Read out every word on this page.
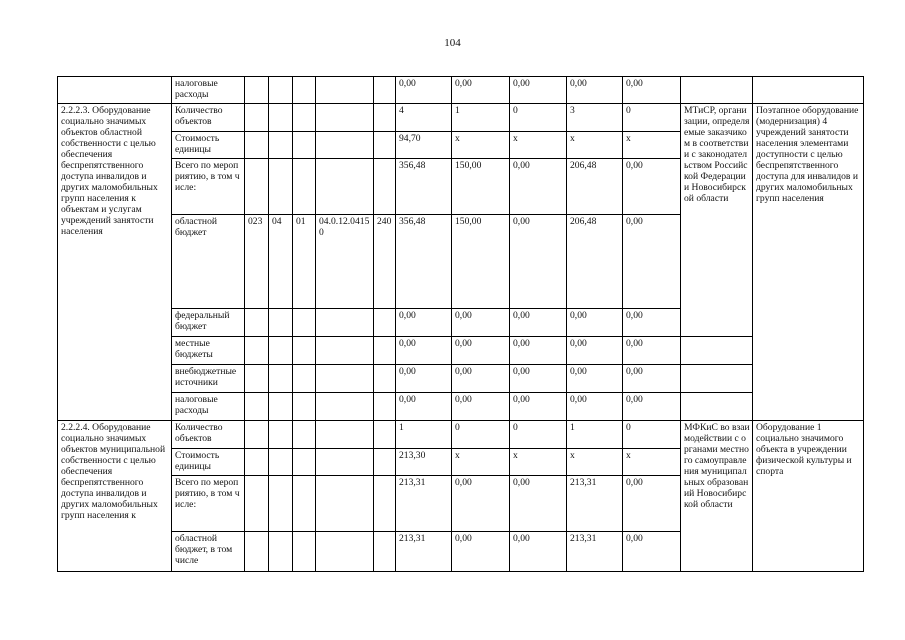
104
	налоговые расходы						0,00	0,00	0,00	0,00	0,00		
2.2.2.3. Оборудование социально значимых объектов областной собственности с целью обеспечения беспрепятственного доступа инвалидов и других маломобильных групп населения к объектам и услугам учреждений занятости населения	Количество объектов						4	1	0	3	0	МТиСР, организации, определяемые заказчиком в соответствии с законодательством Российской Федерации и Новосибирской области	Поэтапное оборудование (модернизация) 4 учреждений занятости населения элементами доступности с целью беспрепятственного доступа для инвалидов и других маломобильных групп населения
	Стоимость единицы						94,70	x	x	x	x		
	Всего по мероприятию, в том числе:						356,48	150,00	0,00	206,48	0,00		
	областной бюджет	023	04	01	04.0.12.04150	240	356,48	150,00	0,00	206,48	0,00		
	федеральный бюджет						0,00	0,00	0,00	0,00	0,00		
	местные бюджеты						0,00	0,00	0,00	0,00	0,00		
	внебюджетные источники						0,00	0,00	0,00	0,00	0,00		
	налоговые расходы						0,00	0,00	0,00	0,00	0,00		
2.2.2.4. Оборудование социально значимых объектов муниципальной собственности с целью обеспечения беспрепятственного доступа инвалидов и других маломобильных групп населения к	Количество объектов						1	0	0	1	0	МФКиС во взаимодействии с органами местного самоуправления муниципальных образований Новосибирской области	Оборудование 1 социально значимого объекта в учреждении физической культуры и спорта
	Стоимость единицы						213,30	x	x	x	x		
	Всего по мероприятию, в том числе:						213,31	0,00	0,00	213,31	0,00		
	областной бюджет, в том числе						213,31	0,00	0,00	213,31	0,00		
